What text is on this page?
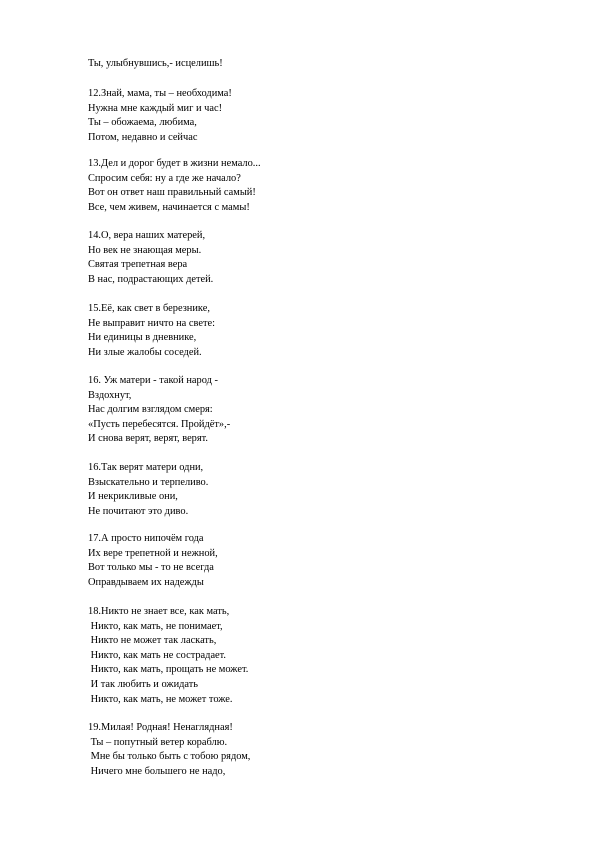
Ты, улыбнувшись,- исцелишь!
12.Знай, мама, ты – необходима!
Нужна мне каждый миг и час!
Ты – обожаема, любима,
Потом, недавно и сейчас
13.Дел и дорог будет в жизни немало...
Спросим себя: ну а где же начало?
Вот он ответ наш правильный самый!
Все, чем живем, начинается с мамы!
14.О, вера наших матерей,
Но век не знающая меры.
Святая трепетная вера
В нас, подрастающих детей.
15.Её, как свет в березнике,
Не выправит ничто на свете:
Ни единицы в дневнике,
Ни злые жалобы соседей.
16. Уж матери - такой народ -
Вздохнут,
Нас долгим взглядом смеря:
«Пусть перебесятся. Пройдёт»,-
И снова верят, верят, верят.
16.Так верят матери одни,
Взыскательно и терпеливо.
И некрикливые они,
Не почитают это диво.
17.А просто нипочём года
Их вере трепетной и нежной,
Вот только мы - то не всегда
Оправдываем их надежды
18.Никто не знает все, как мать,
Никто, как мать, не понимает,
Никто не может так ласкать,
Никто, как мать не сострадает.
Никто, как мать, прощать не может.
И так любить и ожидать
Никто, как мать, не может тоже.
19.Милая! Родная! Ненаглядная!
Ты – попутный ветер кораблю.
Мне бы только быть с тобою рядом,
Ничего мне большего не надо,
